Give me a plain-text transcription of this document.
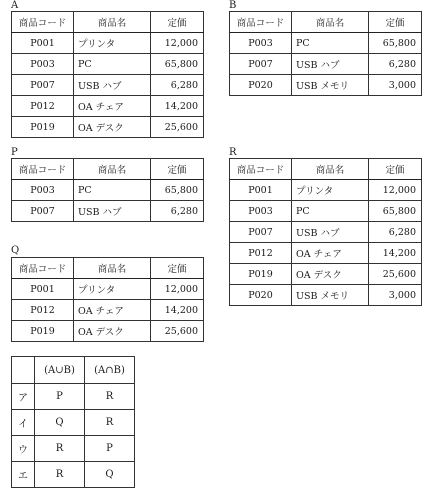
A
商品コード	商品名	定価
P001	プリンタ	12,000
P003	PC	65,800
P007	USB ハブ	6,280
P012	OA チェア	14,200
P019	OA デスク	25,600
B
商品コード	商品名	定価
P003	PC	65,800
P007	USB ハブ	6,280
P020	USB メモリ	3,000
P
商品コード	商品名	定価
P003	PC	65,800
P007	USB ハブ	6,280
R
商品コード	商品名	定価
P001	プリンタ	12,000
P003	PC	65,800
P007	USB ハブ	6,280
P012	OA チェア	14,200
P019	OA デスク	25,600
P020	USB メモリ	3,000
Q
商品コード	商品名	定価
P001	プリンタ	12,000
P012	OA チェア	14,200
P019	OA デスク	25,600
	(A∪B)	(A∩B)
ア	P	R
イ	Q	R
ウ	R	P
エ	R	Q
